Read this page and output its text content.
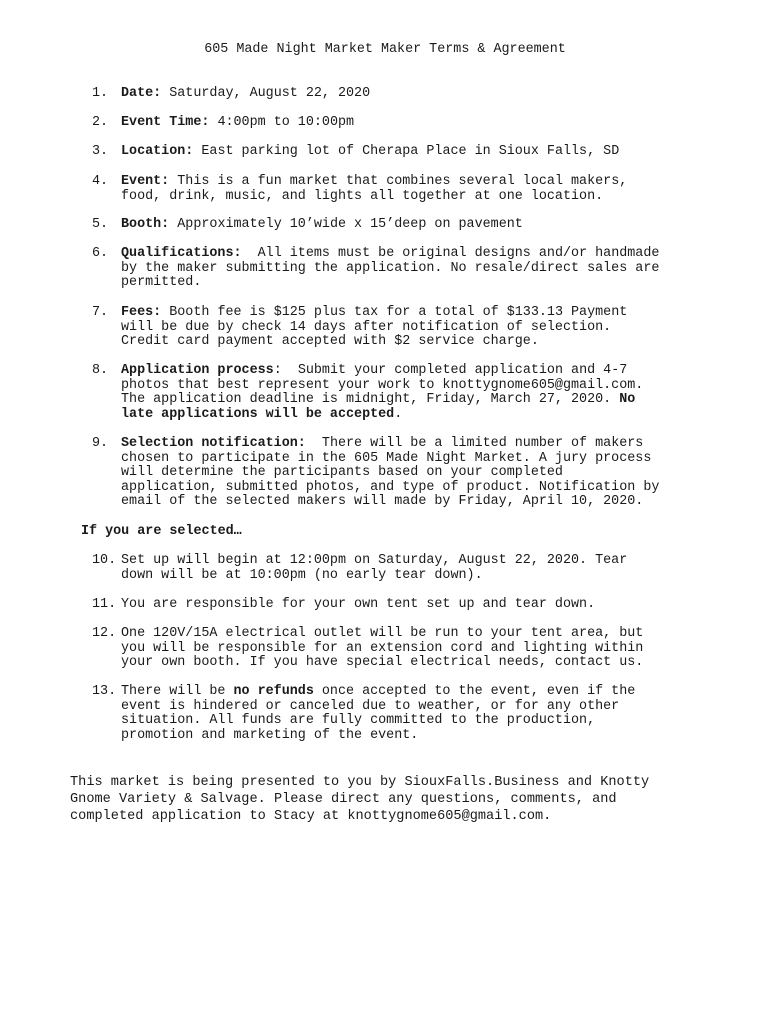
605 Made Night Market Maker Terms & Agreement
1. Date: Saturday, August 22, 2020
2. Event Time: 4:00pm to 10:00pm
3. Location: East parking lot of Cherapa Place in Sioux Falls, SD
4. Event: This is a fun market that combines several local makers,
food, drink, music, and lights all together at one location.
5. Booth: Approximately 10’wide x 15’deep on pavement
6. Qualifications:  All items must be original designs and/or handmade
by the maker submitting the application. No resale/direct sales are
permitted.
7. Fees: Booth fee is $125 plus tax for a total of $133.13 Payment
will be due by check 14 days after notification of selection.
Credit card payment accepted with $2 service charge.
8. Application process:  Submit your completed application and 4-7
photos that best represent your work to knottygnome605@gmail.com.
The application deadline is midnight, Friday, March 27, 2020. No
late applications will be accepted.
9. Selection notification:  There will be a limited number of makers
chosen to participate in the 605 Made Night Market. A jury process
will determine the participants based on your completed
application, submitted photos, and type of product. Notification by
email of the selected makers will made by Friday, April 10, 2020.
If you are selected…
10. Set up will begin at 12:00pm on Saturday, August 22, 2020. Tear
down will be at 10:00pm (no early tear down).
11. You are responsible for your own tent set up and tear down.
12. One 120V/15A electrical outlet will be run to your tent area, but
you will be responsible for an extension cord and lighting within
your own booth. If you have special electrical needs, contact us.
13. There will be no refunds once accepted to the event, even if the
event is hindered or canceled due to weather, or for any other
situation. All funds are fully committed to the production,
promotion and marketing of the event.
This market is being presented to you by SiouxFalls.Business and Knotty
Gnome Variety & Salvage. Please direct any questions, comments, and
completed application to Stacy at knottygnome605@gmail.com.
